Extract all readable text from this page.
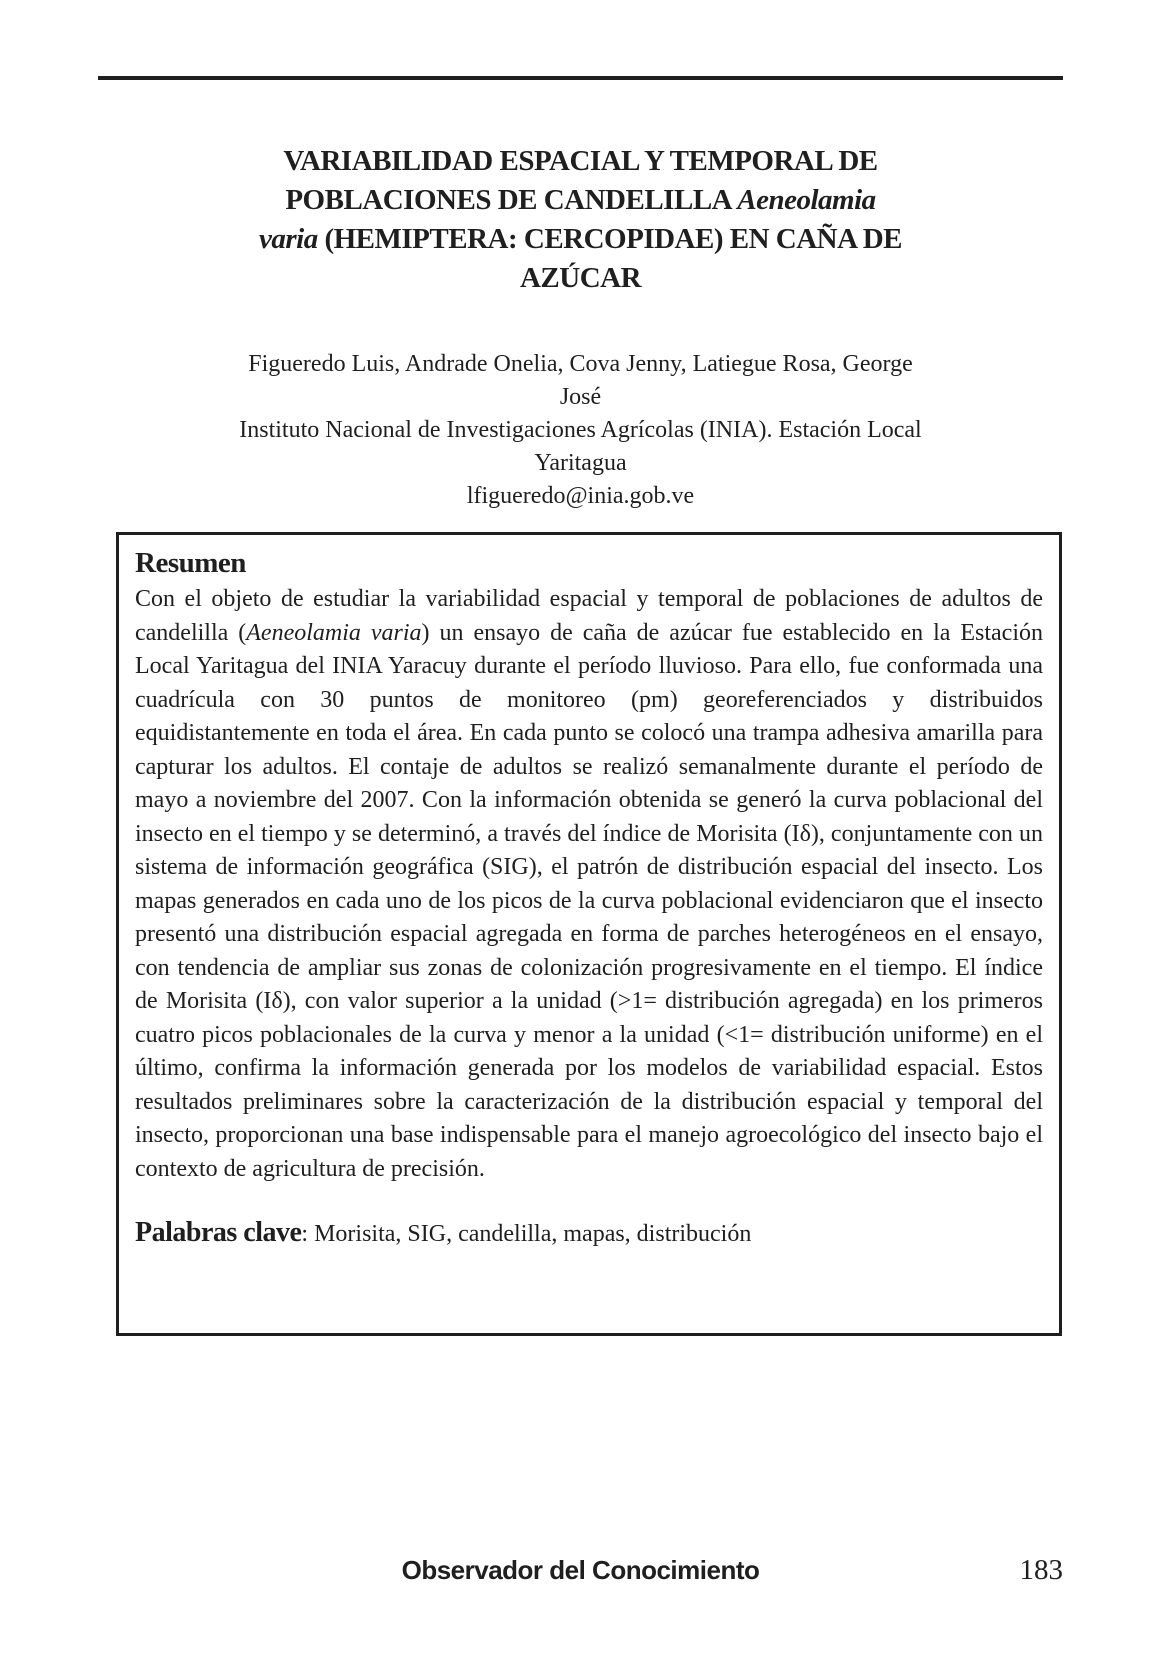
VARIABILIDAD ESPACIAL Y TEMPORAL DE
POBLACIONES DE CANDELILLA Aeneolamia
varia (HEMIPTERA: CERCOPIDAE) EN CAÑA DE
AZÚCAR
Figueredo Luis, Andrade Onelia, Cova Jenny, Latiegue Rosa, George
José
Instituto Nacional de Investigaciones Agrícolas (INIA). Estación Local
Yaritagua
lfigueredo@inia.gob.ve
Resumen

Con el objeto de estudiar la variabilidad espacial y temporal de poblaciones de adultos de candelilla (Aeneolamia varia) un ensayo de caña de azúcar fue establecido en la Estación Local Yaritagua del INIA Yaracuy durante el período lluvioso. Para ello, fue conformada una cuadrícula con 30 puntos de monitoreo (pm) georeferenciados y distribuidos equidistantemente en toda el área. En cada punto se colocó una trampa adhesiva amarilla para capturar los adultos. El contaje de adultos se realizó semanalmente durante el período de mayo a noviembre del 2007. Con la información obtenida se generó la curva poblacional del insecto en el tiempo y se determinó, a través del índice de Morisita (Iδ), conjuntamente con un sistema de información geográfica (SIG), el patrón de distribución espacial del insecto. Los mapas generados en cada uno de los picos de la curva poblacional evidenciaron que el insecto presentó una distribución espacial agregada en forma de parches heterogéneos en el ensayo, con tendencia de ampliar sus zonas de colonización progresivamente en el tiempo. El índice de Morisita (Iδ), con valor superior a la unidad (>1= distribución agregada) en los primeros cuatro picos poblacionales de la curva y menor a la unidad (<1= distribución uniforme) en el último, confirma la información generada por los modelos de variabilidad espacial. Estos resultados preliminares sobre la caracterización de la distribución espacial y temporal del insecto, proporcionan una base indispensable para el manejo agroecológico del insecto bajo el contexto de agricultura de precisión.

Palabras clave: Morisita, SIG, candelilla, mapas, distribución

Observador del Conocimiento	183
